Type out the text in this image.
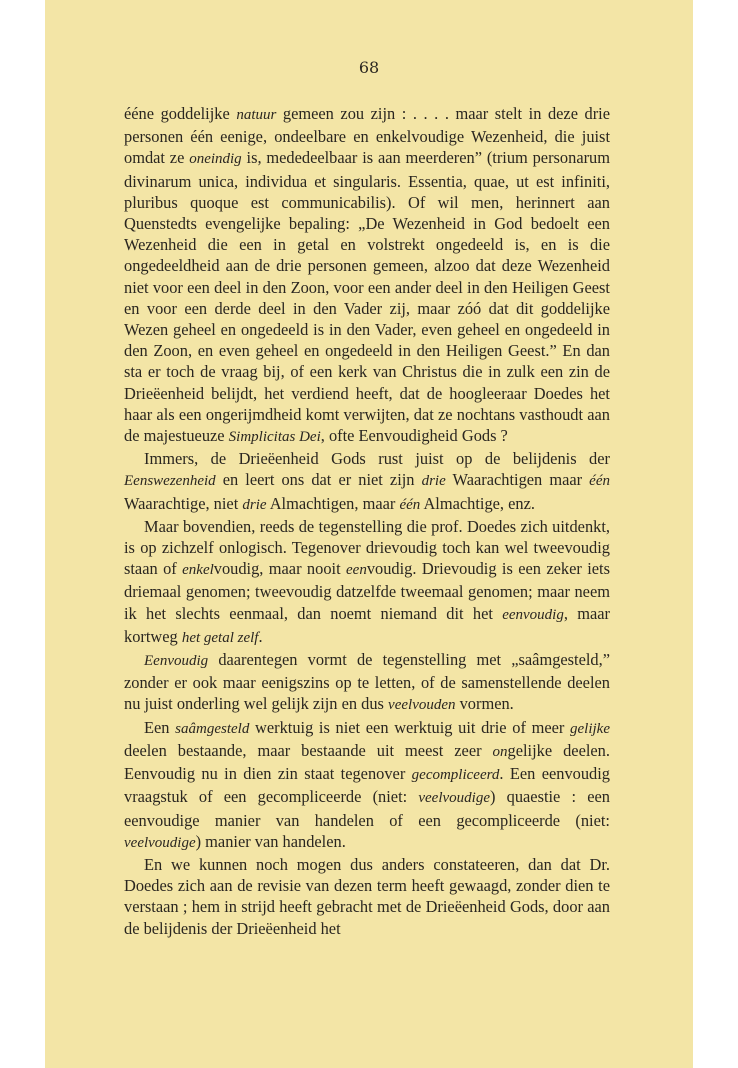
68

éénе goddelijke natuur gemeen zou zijn : . . . . maar stelt in deze drie personen één eenige, ondeelbare en enkelvoudige Wezenheid, die juist omdat ze oneindig is, mededeelbaar is aan meerderen” (trium personarum divinarum unica, individua et singularis. Essentia, quae, ut est infiniti, pluribus quoque est communicabilis). Of wil men, herinnert aan Quenstedts evengelijke bepaling: „De Wezenheid in God bedoelt een Wezenheid die een in getal en volstrekt ongedeeld is, en is die ongedeeldheid aan de drie personen gemeen, alzoo dat deze Wezenheid niet voor een deel in den Zoon, voor een ander deel in den Heiligen Geest en voor een derde deel in den Vader zij, maar zóó dat dit goddelijke Wezen geheel en ongedeeld is in den Vader, even geheel en ongedeeld in den Zoon, en even geheel en ongedeeld in den Heiligen Geest.” En dan sta er toch de vraag bij, of een kerk van Christus die in zulk een zin de Drieëenheid belijdt, het verdiend heeft, dat de hoogleeraar Doedes het haar als een ongerijmdheid komt verwijten, dat ze nochtans vasthoudt aan de majestueuze Simplicitas Dei, ofte Eenvoudigheid Gods ?

Immers, de Drieëenheid Gods rust juist op de belijdenis der Eenswezenheid en leert ons dat er niet zijn drie Waarachtigen maar één Waarachtige, niet drie Almachtigen, maar één Almachtige, enz.

Maar bovendien, reeds de tegenstelling die prof. Doedes zich uitdenkt, is op zichzelf onlogisch. Tegenover drievoudig toch kan wel tweevoudig staan of enkelvoudig, maar nooit eenvoudig. Drievoudig is een zeker iets driemaal genomen; tweevoudig datzelfde tweemaal genomen; maar neem ik het slechts eenmaal, dan noemt niemand dit het eenvoudig, maar kortweg het getal zelf.

Eenvoudig daarentegen vormt de tegenstelling met „saâmgesteld,” zonder er ook maar eenigszins op te letten, of de samenstellende deelen nu juist onderling wel gelijk zijn en dus veelvouden vormen.

Een saâmgesteld werktuig is niet een werktuig uit drie of meer gelijke deelen bestaande, maar bestaande uit meest zeer ongelijke deelen. Eenvoudig nu in dien zin staat tegenover gecompliceerd. Een eenvoudig vraagstuk of een gecompliceerde (niet: veelvoudige) quaestie : een eenvoudige manier van handelen of een gecompliceerde (niet: veelvoudige) manier van handelen.

En we kunnen noch mogen dus anders constateeren, dan dat Dr. Doedes zich aan de revisie van dezen term heeft gewaagd, zonder dien te verstaan ; hem in strijd heeft gebracht met de Drieëenheid Gods, door aan de belijdenis der Drieëenheid het
